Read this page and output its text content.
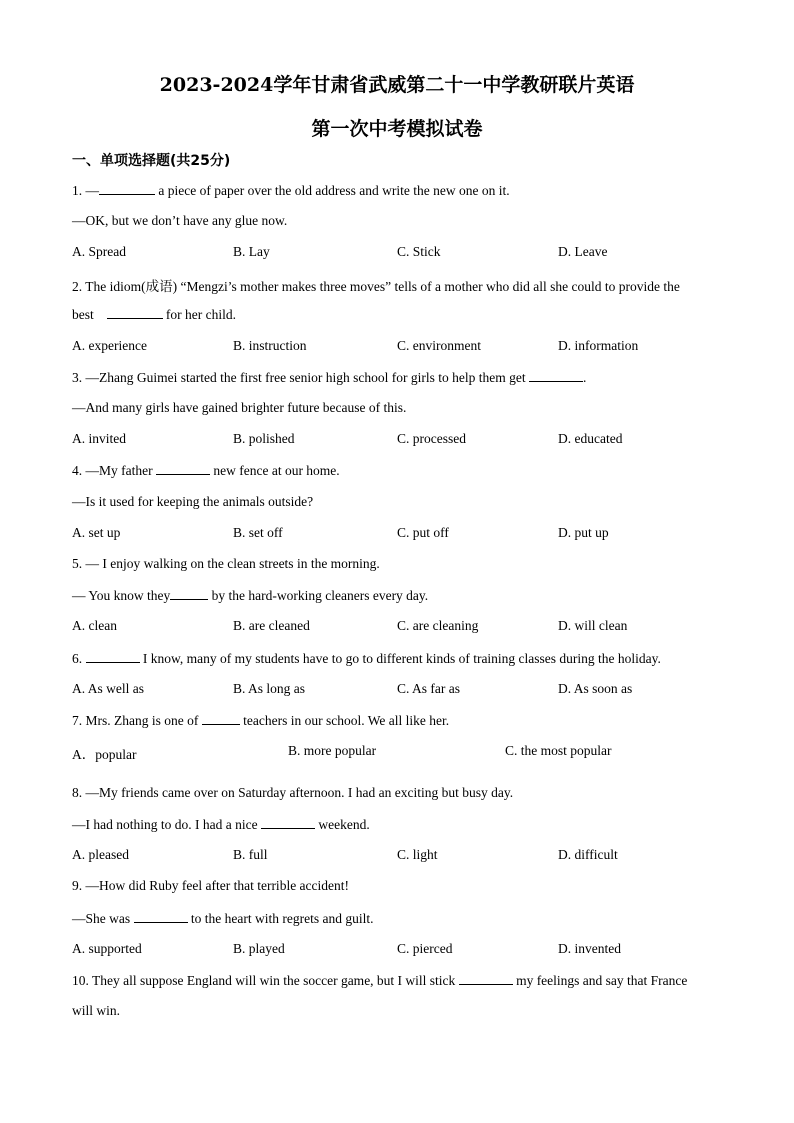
2023-2024学年甘肃省武威第二十一中学教研联片英语
第一次中考模拟试卷
一、单项选择题(共25分)
1. —	a piece of paper over the old address and write the new one on it.
—OK, but we don’t have any glue now.
A. Spread	B. Lay	C. Stick	D. Leave
2. The idiom(成语) “Mengzi’s mother makes three moves” tells of a mother who did all she could to provide the
best	for her child.
A. experience	B. instruction	C. environment	D. information
3. —Zhang Guimei started the first free senior high school for girls to help them get	.
—And many girls have gained brighter future because of this.
A. invited	B. polished	C. processed	D. educated
4. —My father	new fence at our home.
—Is it used for keeping the animals outside?
A. set up	B. set off	C. put off	D. put up
5. — I enjoy walking on the clean streets in the morning.
— You know they	by the hard-working cleaners every day.
A. clean	B. are cleaned	C. are cleaning	D. will clean
6.	I know, many of my students have to go to different kinds of training classes during the holiday.
A. As well as	B. As long as	C. As far as	D. As soon as
7. Mrs. Zhang is one of	teachers in our school. We all like her.
A．popular	B. more popular	C. the most popular
8. —My friends came over on Saturday afternoon. I had an exciting but busy day.
—I had nothing to do. I had a nice	weekend.
A. pleased	B. full	C. light	D. difficult
9. —How did Ruby feel after that terrible accident!
—She was	to the heart with regrets and guilt.
A. supported	B. played	C. pierced	D. invented
10. They all suppose England will win the soccer game, but I will stick	my feelings and say that France
will win.
